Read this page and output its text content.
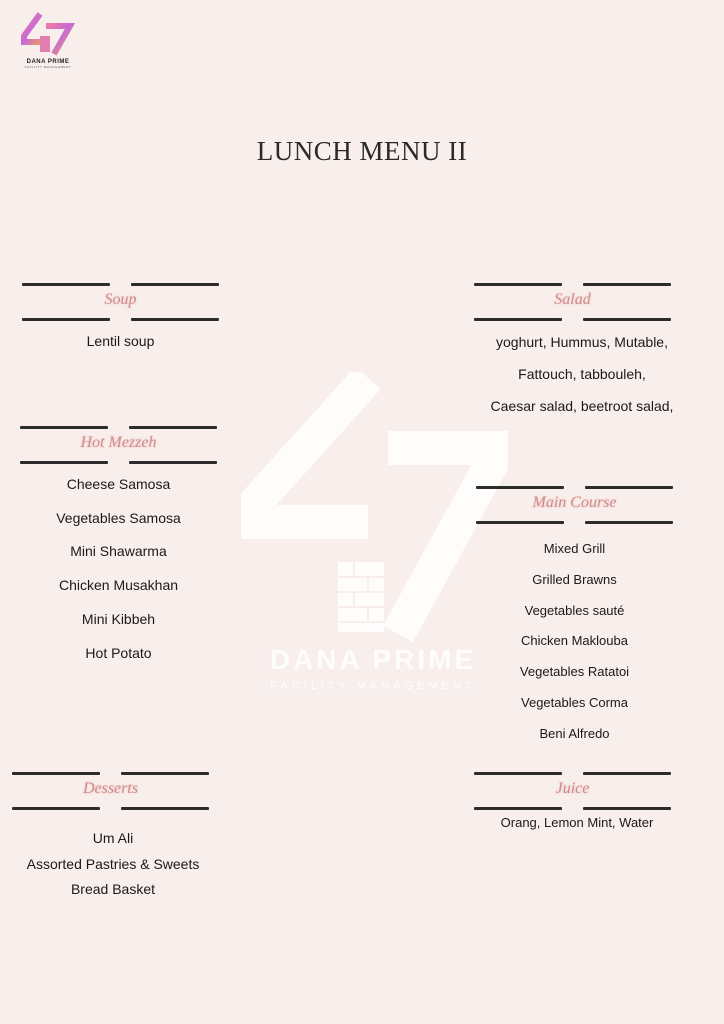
DANA PRIME
FACILITY MANAGEMENT
LUNCH MENU II
DANA PRIME
FACILITY MANAGEMENT
Soup
Lentil soup
Salad
yoghurt, Hummus, Mutable,
Fattouch, tabbouleh,
Caesar salad, beetroot salad,
Hot Mezzeh
Cheese Samosa
Vegetables Samosa
Mini Shawarma
Chicken Musakhan
Mini Kibbeh
Hot Potato
Main Course
Mixed Grill
Grilled Brawns
Vegetables sauté
Chicken Maklouba
Vegetables Ratatoi
Vegetables Corma
Beni Alfredo
Desserts
Um Ali
Assorted Pastries & Sweets
Bread Basket
Juice
Orang, Lemon Mint, Water
